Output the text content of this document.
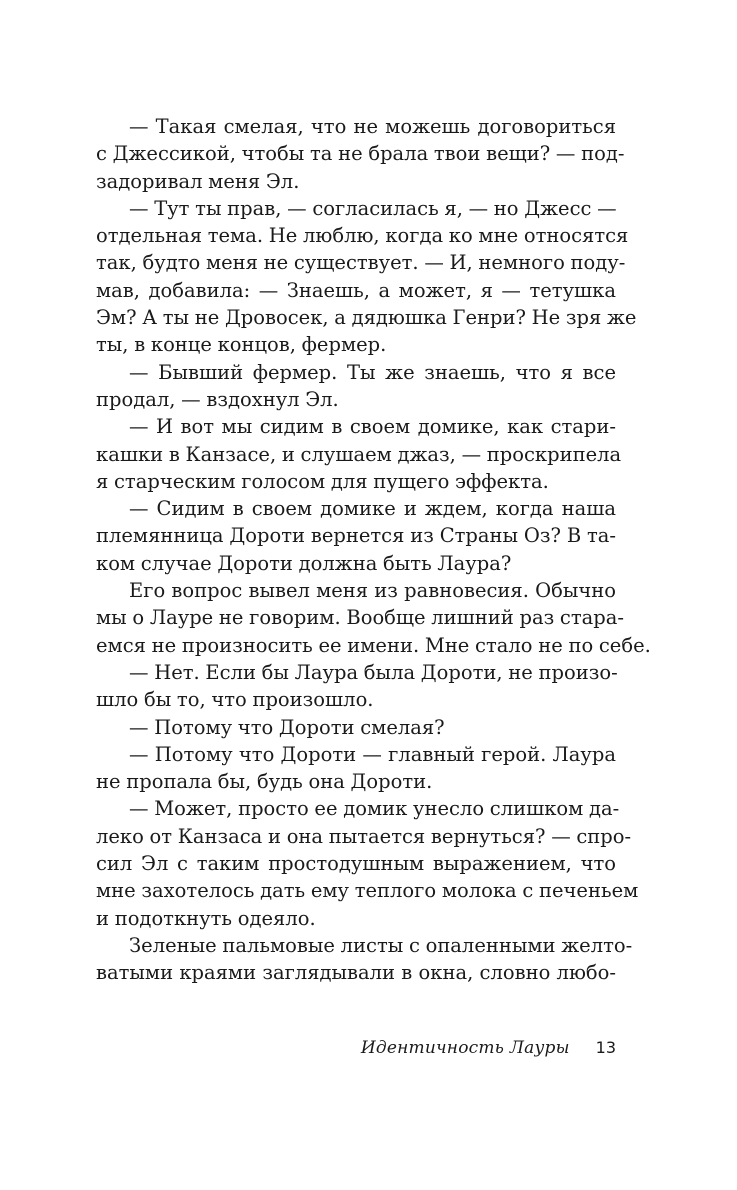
— Такая смелая, что не можешь договориться
с Джессикой, чтобы та не брала твои вещи? — под-
задоривал меня Эл.
— Тут ты прав, — согласилась я, — но Джесс —
отдельная тема. Не люблю, когда ко мне относятся
так, будто меня не существует. — И, немного поду-
мав, добавила: — Знаешь, а может, я — тетушка
Эм? А ты не Дровосек, а дядюшка Генри? Не зря же
ты, в конце концов, фермер.
— Бывший фермер. Ты же знаешь, что я все
продал, — вздохнул Эл.
— И вот мы сидим в своем домике, как стари-
кашки в Канзасе, и слушаем джаз, — проскрипела
я старческим голосом для пущего эффекта.
— Сидим в своем домике и ждем, когда наша
племянница Дороти вернется из Страны Оз? В та-
ком случае Дороти должна быть Лаура?
Его вопрос вывел меня из равновесия. Обычно
мы о Лауре не говорим. Вообще лишний раз стара-
емся не произносить ее имени. Мне стало не по себе.
— Нет. Если бы Лаура была Дороти, не произо-
шло бы то, что произошло.
— Потому что Дороти смелая?
— Потому что Дороти — главный герой. Лаура
не пропала бы, будь она Дороти.
— Может, просто ее домик унесло слишком да-
леко от Канзаса и она пытается вернуться? — спро-
сил Эл с таким простодушным выражением, что
мне захотелось дать ему теплого молока с печеньем
и подоткнуть одеяло.
Зеленые пальмовые листы с опаленными желто-
ватыми краями заглядывали в окна, словно любо-
Идентичность Лауры 13
